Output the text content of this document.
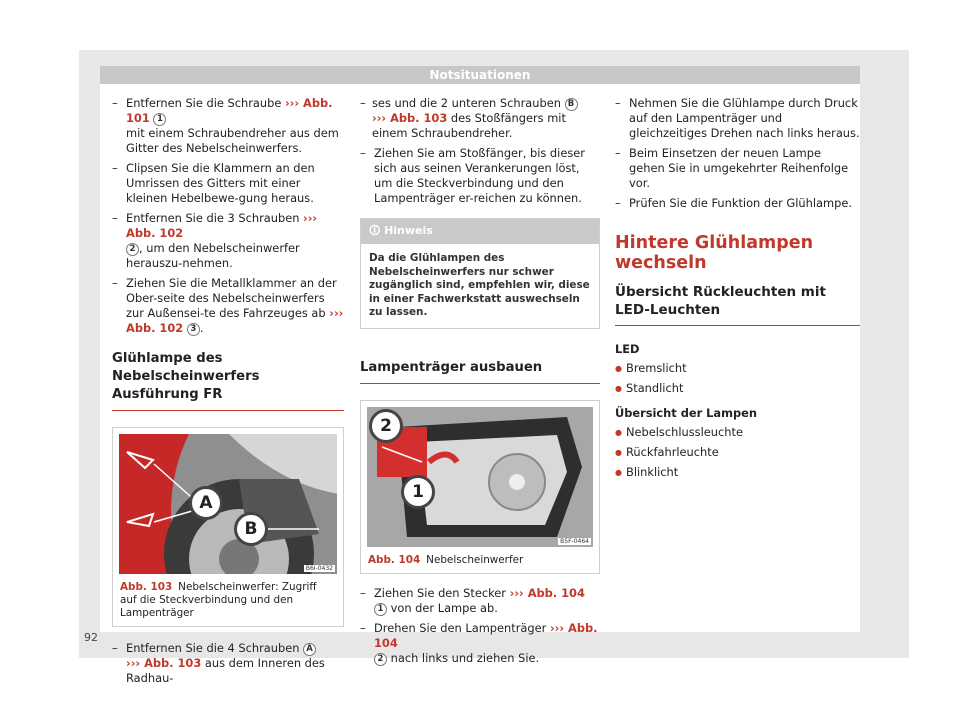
Notsituationen
– Entfernen Sie die Schraube ››› Abb. 101 1
mit einem Schraubendreher aus dem Gitter des Nebelscheinwerfers.
– Clipsen Sie die Klammern an den Umrissen des Gitters mit einer kleinen Hebelbewe-gung heraus.
– Entfernen Sie die 3 Schrauben ››› Abb. 102
2 , um den Nebelscheinwerfer herauszu-nehmen.
– Ziehen Sie die Metallklammer an der Ober-seite des Nebelscheinwerfers zur Außensei-te des Fahrzeuges ab ››› Abb. 102 3 .
Glühlampe des Nebelscheinwerfers Ausführung FR
A
B
B6I-0432
Abb. 103 Nebelscheinwerfer: Zugriff auf die Steckverbindung und den Lampenträger
– Entfernen Sie die 4 Schrauben A
››› Abb. 103 aus dem Inneren des Radhau-
– ses und die 2 unteren Schrauben B
››› Abb. 103 des Stoßfängers mit einem Schraubendreher.
– Ziehen Sie am Stoßfänger, bis dieser sich aus seinen Verankerungen löst, um die Steckverbindung und den Lampenträger er-reichen zu können.
🛈 Hinweis
Da die Glühlampen des Nebelscheinwerfers nur schwer zugänglich sind, empfehlen wir, diese in einer Fachwerkstatt auswechseln zu lassen.
Lampenträger ausbauen
2
1
B5F-0464
Abb. 104 Nebelscheinwerfer
– Ziehen Sie den Stecker ››› Abb. 104 1 von der Lampe ab.
– Drehen Sie den Lampenträger ››› Abb. 104
2 nach links und ziehen Sie.
– Nehmen Sie die Glühlampe durch Druck auf den Lampenträger und gleichzeitiges Drehen nach links heraus.
– Beim Einsetzen der neuen Lampe gehen Sie in umgekehrter Reihenfolge vor.
– Prüfen Sie die Funktion der Glühlampe.
Hintere Glühlampen wechseln
Übersicht Rückleuchten mit LED-Leuchten
LED
● Bremslicht
● Standlicht
Übersicht der Lampen
● Nebelschlussleuchte
● Rückfahrleuchte
● Blinklicht
92
